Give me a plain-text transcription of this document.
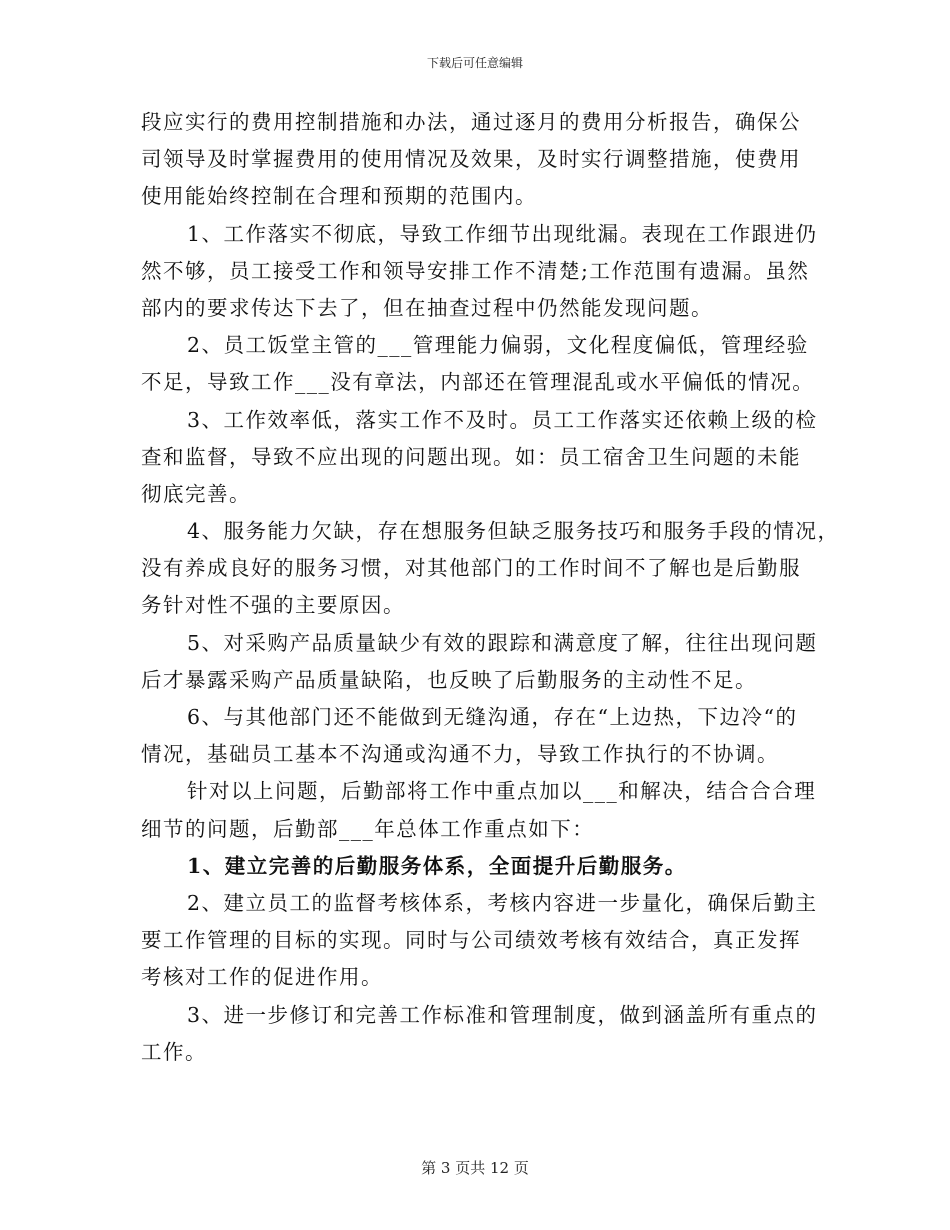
下载后可任意编辑
段应实行的费用控制措施和办法，通过逐月的费用分析报告，确保公
司领导及时掌握费用的使用情况及效果，及时实行调整措施，使费用
使用能始终控制在合理和预期的范围内。
1、工作落实不彻底，导致工作细节出现纰漏。表现在工作跟进仍
然不够，员工接受工作和领导安排工作不清楚;工作范围有遗漏。虽然
部内的要求传达下去了，但在抽查过程中仍然能发现问题。
2、员工饭堂主管的___管理能力偏弱，文化程度偏低，管理经验
不足，导致工作___没有章法，内部还在管理混乱或水平偏低的情况。
3、工作效率低，落实工作不及时。员工工作落实还依赖上级的检
查和监督，导致不应出现的问题出现。如：员工宿舍卫生问题的未能
彻底完善。
4、服务能力欠缺，存在想服务但缺乏服务技巧和服务手段的情况，
没有养成良好的服务习惯，对其他部门的工作时间不了解也是后勤服
务针对性不强的主要原因。
5、对采购产品质量缺少有效的跟踪和满意度了解，往往出现问题
后才暴露采购产品质量缺陷，也反映了后勤服务的主动性不足。
6、与其他部门还不能做到无缝沟通，存在“上边热，下边冷“的
情况，基础员工基本不沟通或沟通不力，导致工作执行的不协调。
针对以上问题，后勤部将工作中重点加以___和解决，结合合合理
细节的问题，后勤部___年总体工作重点如下：
1、建立完善的后勤服务体系，全面提升后勤服务。
2、建立员工的监督考核体系，考核内容进一步量化，确保后勤主
要工作管理的目标的实现。同时与公司绩效考核有效结合，真正发挥
考核对工作的促进作用。
3、进一步修订和完善工作标准和管理制度，做到涵盖所有重点的
工作。
第 3 页共 12 页
